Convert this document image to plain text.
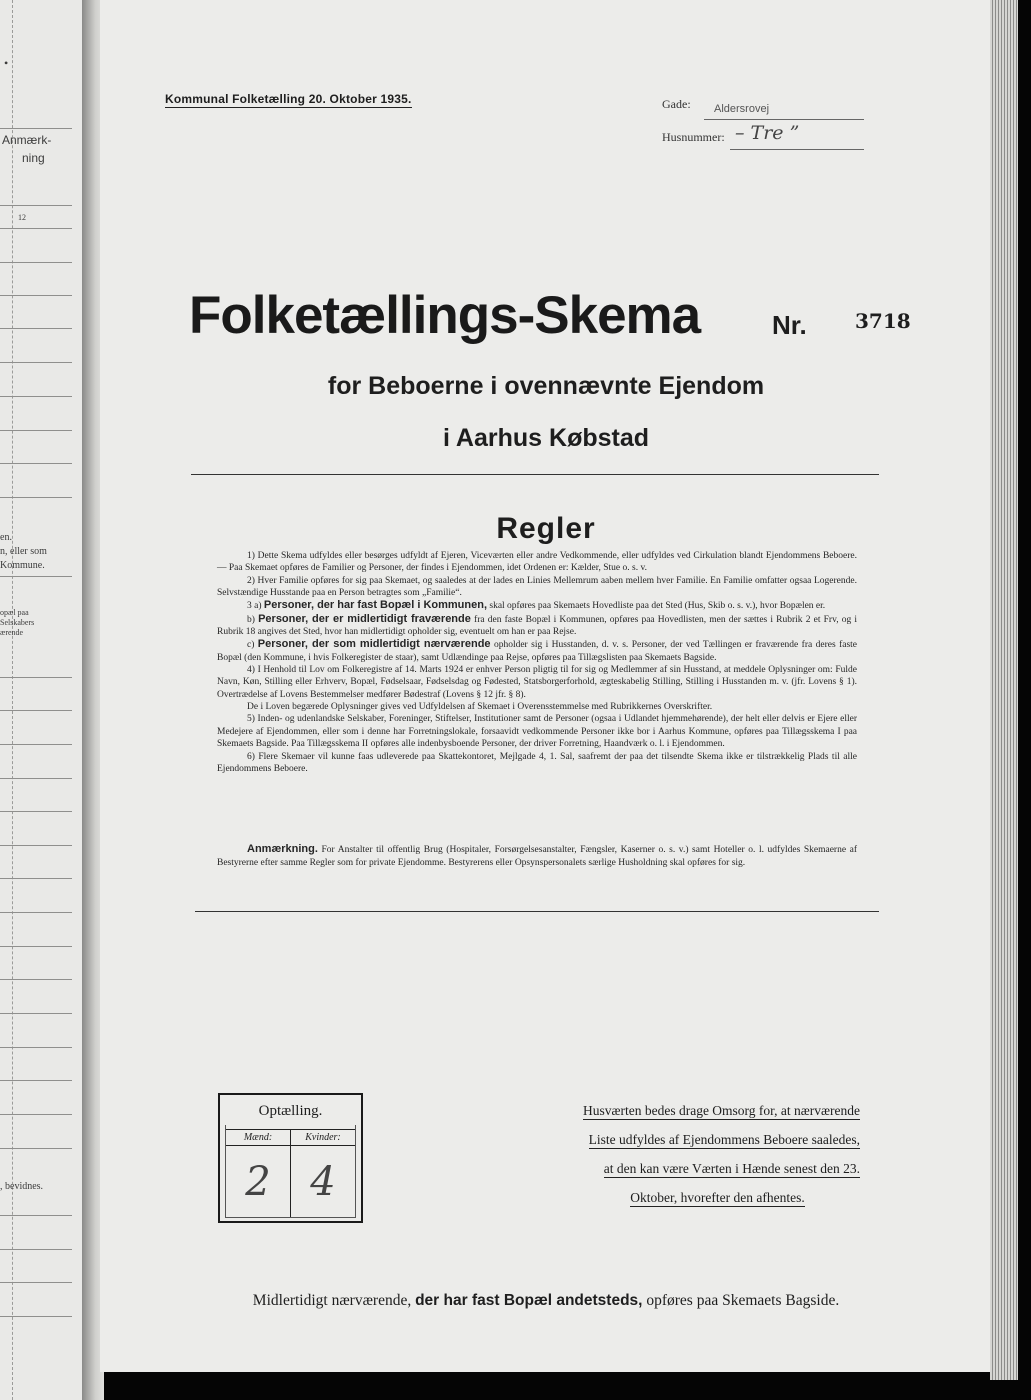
•
Anmærk-
ning
12
en.
n, eller som
Kommune.
opæl paa
Selskabers
ærende
, bevidnes.
Kommunal Folketælling 20. Oktober 1935.	Gade: Aldersrovej
Husnummer: – Tre ”
Folketællings-Skema	Nr. 3718
for Beboerne i ovennævnte Ejendom
i Aarhus Købstad
Regler

1) Dette Skema udfyldes eller besørges udfyldt af Ejeren, Viceværten eller andre Vedkommende, eller udfyldes ved Cirkulation blandt Ejendommens Beboere. — Paa Skemaet opføres de Familier og Personer, der findes i Ejendommen, idet Ordenen er: Kælder, Stue o. s. v.

2) Hver Familie opføres for sig paa Skemaet, og saaledes at der lades en Linies Mellemrum aaben mellem hver Familie. En Familie omfatter ogsaa Logerende. Selvstændige Husstande paa en Person betragtes som „Familie“.

3 a) Personer, der har fast Bopæl i Kommunen, skal opføres paa Skemaets Hovedliste paa det Sted (Hus, Skib o. s. v.), hvor Bopælen er.

b) Personer, der er midlertidigt fraværende fra den faste Bopæl i Kommunen, opføres paa Hovedlisten, men der sættes i Rubrik 2 et Frv, og i Rubrik 18 angives det Sted, hvor han midlertidigt opholder sig, eventuelt om han er paa Rejse.

c) Personer, der som midlertidigt nærværende opholder sig i Husstanden, d. v. s. Personer, der ved Tællingen er fraværende fra deres faste Bopæl (den Kommune, i hvis Folkeregister de staar), samt Udlændinge paa Rejse, opføres paa Tillægslisten paa Skemaets Bagside.

4) I Henhold til Lov om Folkeregistre af 14. Marts 1924 er enhver Person pligtig til for sig og Medlemmer af sin Husstand, at meddele Oplysninger om: Fulde Navn, Køn, Stilling eller Erhverv, Bopæl, Fødselsaar, Fødselsdag og Fødested, Statsborgerforhold, ægteskabelig Stilling, Stilling i Husstanden m. v. (jfr. Lovens § 1). Overtrædelse af Lovens Bestemmelser medfører Bødestraf (Lovens § 12 jfr. § 8).

De i Loven begærede Oplysninger gives ved Udfyldelsen af Skemaet i Overensstemmelse med Rubrikkernes Overskrifter.

5) Inden- og udenlandske Selskaber, Foreninger, Stiftelser, Institutioner samt de Personer (ogsaa i Udlandet hjemmehørende), der helt eller delvis er Ejere eller Medejere af Ejendommen, eller som i denne har Forretningslokale, forsaavidt vedkommende Personer ikke bor i Aarhus Kommune, opføres paa Tillægsskema I paa Skemaets Bagside. Paa Tillægsskema II opføres alle indenbysboende Personer, der driver Forretning, Haandværk o. l. i Ejendommen.

6) Flere Skemaer vil kunne faas udleverede paa Skattekontoret, Mejlgade 4, 1. Sal, saafremt der paa det tilsendte Skema ikke er tilstrækkelig Plads til alle Ejendommens Beboere.

Anmærkning. For Anstalter til offentlig Brug (Hospitaler, Forsørgelsesanstalter, Fængsler, Kaserner o. s. v.) samt Hoteller o. l. udfyldes Skemaerne af Bestyrerne efter samme Regler som for private Ejendomme. Bestyrerens eller Opsynspersonalets særlige Husholdning skal opføres for sig.
Optælling.
Mænd:	Kvinder:
2 4
Husværten bedes drage Omsorg for, at nærværende
Liste udfyldes af Ejendommens Beboere saaledes,
at den kan være Værten i Hænde senest den 23.
Oktober, hvorefter den afhentes.
Midlertidigt nærværende, der har fast Bopæl andetsteds, opføres paa Skemaets Bagside.
